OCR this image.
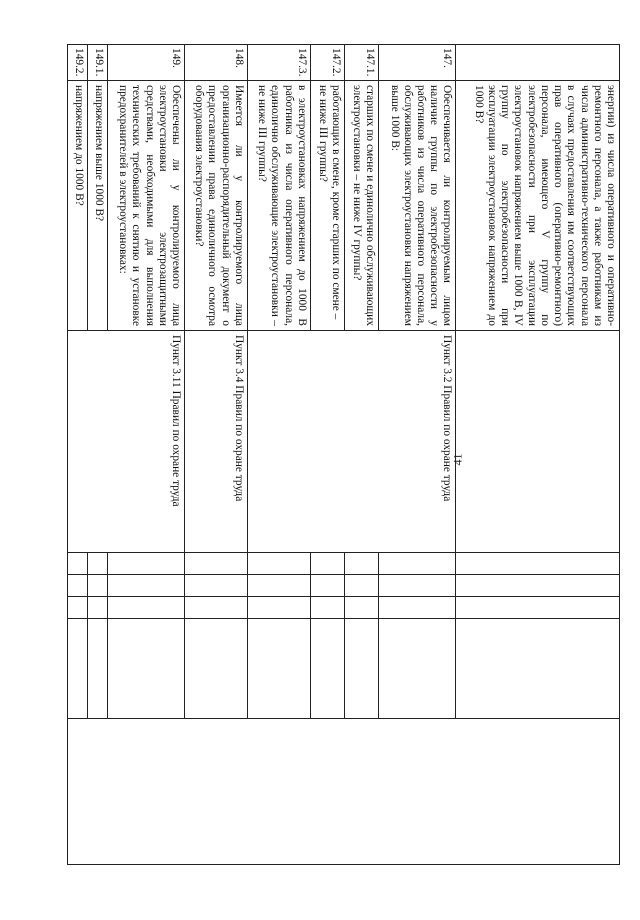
41
	энергии) из числа оперативного и оперативно-ремонтного персонала, а также работникам из числа административно-технического персонала в случаях предоставления им соответствующих прав оперативного (оперативно-ремонтного) персонала, имеющего V группу по электробезопасности при эксплуатации электроустановок напряжением выше 1000 В, IV группу по электробезопасности при эксплуатации электроустановок напряжением до 1000 В?						
147.	Обеспечивается ли контролируемым лицом наличие группы по электробезопасности у работников из числа оперативного персонала, обслуживающих электроустановки напряжением выше 1000 В:	Пункт 3.2 Правил по охране труда					
147.1.	старших по смене и единолично обслуживающих электроустановки – не ниже IV группы?						
147.2.	работающих в смене, кроме старших по смене – не ниже III группы?						
147.3.	в электроустановках напряжением до 1000 В работника из числа оперативного персонала, единолично обслуживающие электроустановки – не ниже III группы?						
148.	Имеется ли у контролируемого лица организационно-распорядительный документ о предоставлении права единоличного осмотра оборудования электроустановки?	Пункт 3.4 Правил по охране труда					
149.	Обеспечены ли у контролируемого лица электроустановки электрозащитными средствами, необходимыми для выполнения технических требований к снятию и установке предохранителей в электроустановках:	Пункт 3.11 Правил по охране труда					
149.1.	напряжением выше 1000 В?						
149.2.	напряжением до 1000 В?						
